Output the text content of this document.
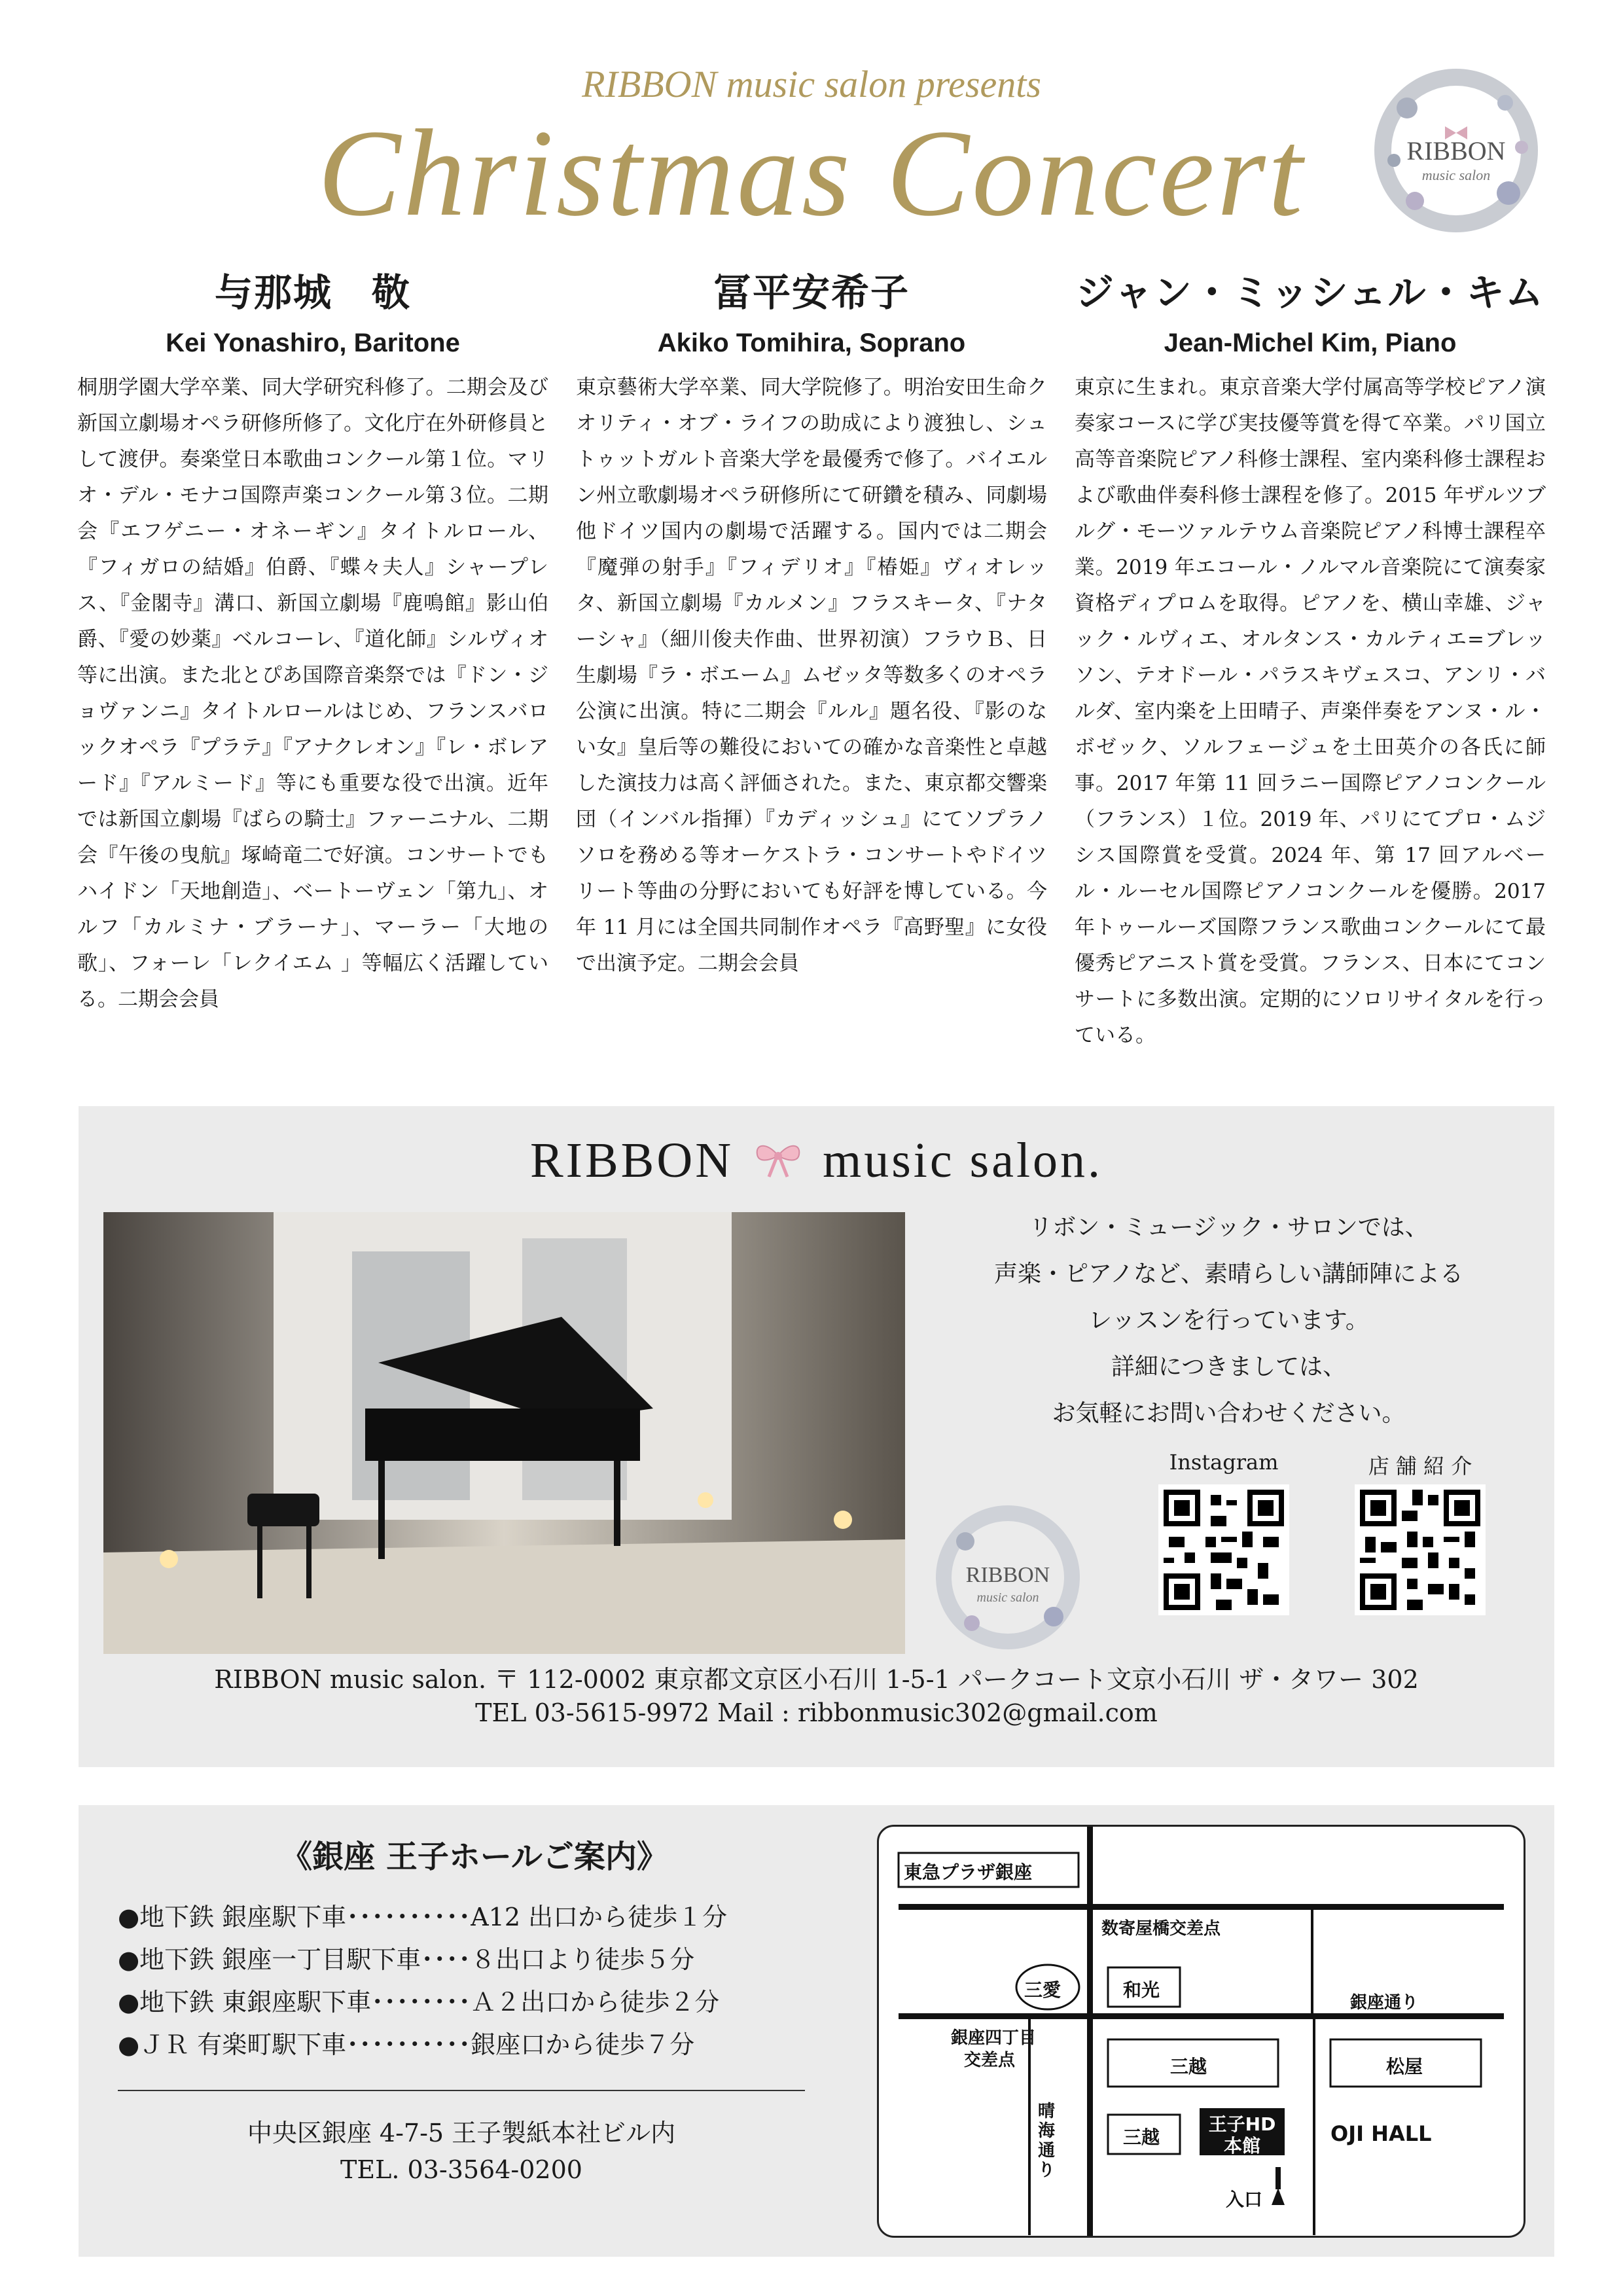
RIBBON music salon presents
Christmas Concert	RIBBON
music salon
与那城　敬
Kei Yonashiro, Baritone
桐朋学園大学卒業、同大学研究科修了。二期会及び新国立劇場オペラ研修所修了。文化庁在外研修員として渡伊。奏楽堂日本歌曲コンクール第１位。マリオ・デル・モナコ国際声楽コンクール第３位。二期会『エフゲニー・オネーギン』タイトルロール、『フィガロの結婚』伯爵、『蝶々夫人』シャープレス、『金閣寺』溝口、新国立劇場『鹿鳴館』影山伯爵、『愛の妙薬』ベルコーレ、『道化師』シルヴィオ等に出演。また北とぴあ国際音楽祭では『ドン・ジョヴァンニ』タイトルロールはじめ、フランスバロックオペラ『プラテ』『アナクレオン』『レ・ボレアード』『アルミード』等にも重要な役で出演。近年では新国立劇場『ばらの騎士』ファーニナル、二期会『午後の曳航』塚崎竜二で好演。コンサートでもハイドン「天地創造」、ベートーヴェン「第九」、オルフ「カルミナ・ブラーナ」、マーラー「大地の歌」、フォーレ「レクイエム 」等幅広く活躍している。二期会会員
冨平安希子
Akiko Tomihira, Soprano
東京藝術大学卒業、同大学院修了。明治安田生命クオリティ・オブ・ライフの助成により渡独し、シュトゥットガルト音楽大学を最優秀で修了。バイエルン州立歌劇場オペラ研修所にて研鑽を積み、同劇場他ドイツ国内の劇場で活躍する。国内では二期会『魔弾の射手』『フィデリオ』『椿姫』ヴィオレッタ、新国立劇場『カルメン』フラスキータ、『ナターシャ』（細川俊夫作曲、世界初演）フラウＢ、日生劇場『ラ・ボエーム』ムゼッタ等数多くのオペラ公演に出演。特に二期会『ルル』題名役、『影のない女』皇后等の難役においての確かな音楽性と卓越した演技力は高く評価された。また、東京都交響楽団（インバル指揮）『カディッシュ』にてソプラノソロを務める等オーケストラ・コンサートやドイツリート等曲の分野においても好評を博している。今年 11 月には全国共同制作オペラ『高野聖』に女役で出演予定。二期会会員
ジャン・ミッシェル・キム
Jean-Michel Kim, Piano
東京に生まれ。東京音楽大学付属高等学校ピアノ演奏家コースに学び実技優等賞を得て卒業。パリ国立高等音楽院ピアノ科修士課程、室内楽科修士課程および歌曲伴奏科修士課程を修了。2015 年ザルツブルグ・モーツァルテウム音楽院ピアノ科博士課程卒業。2019 年エコール・ノルマル音楽院にて演奏家資格ディプロムを取得。ピアノを、横山幸雄、ジャック・ルヴィエ、オルタンス・カルティエ=ブレッソン、テオドール・パラスキヴェスコ、アンリ・バルダ、室内楽を上田晴子、声楽伴奏をアンヌ・ル・ボゼック、ソルフェージュを土田英介の各氏に師事。2017 年第 11 回ラニー国際ピアノコンクール（フランス）１位。2019 年、パリにてプロ・ムジシス国際賞を受賞。2024 年、第 17 回アルベール・ルーセル国際ピアノコンクールを優勝。2017 年トゥールーズ国際フランス歌曲コンクールにて最優秀ピアニスト賞を受賞。フランス、日本にてコンサートに多数出演。定期的にソロリサイタルを行っている。
RIBBON music salon.
リボン・ミュージック・サロンでは、
声楽・ピアノなど、素晴らしい講師陣による
レッスンを行っています。
詳細につきましては、
お気軽にお問い合わせください。
RIBBON
music salon
Instagram	店 舗 紹 介
RIBBON music salon. 〒 112-0002 東京都文京区小石川 1-5-1 パークコート文京小石川 ザ・タワー 302
TEL 03-5615-9972 Mail : ribbonmusic302@gmail.com
《銀座 王子ホールご案内》
●地下鉄 銀座駅下車･･････････A12 出口から徒歩１分
●地下鉄 銀座一丁目駅下車････８出口より徒歩５分
●地下鉄 東銀座駅下車････････Ａ２出口から徒歩２分
●ＪＲ 有楽町駅下車･･････････銀座口から徒歩７分
中央区銀座 4-7-5 王子製紙本社ビル内
TEL. 03-3564-0200
東急プラザ銀座
数寄屋橋交差点
三愛	和光
銀座通り
銀座四丁目
交差点	三越	松屋
晴海通り
三越
王子HD
本館	OJI HALL
入口
